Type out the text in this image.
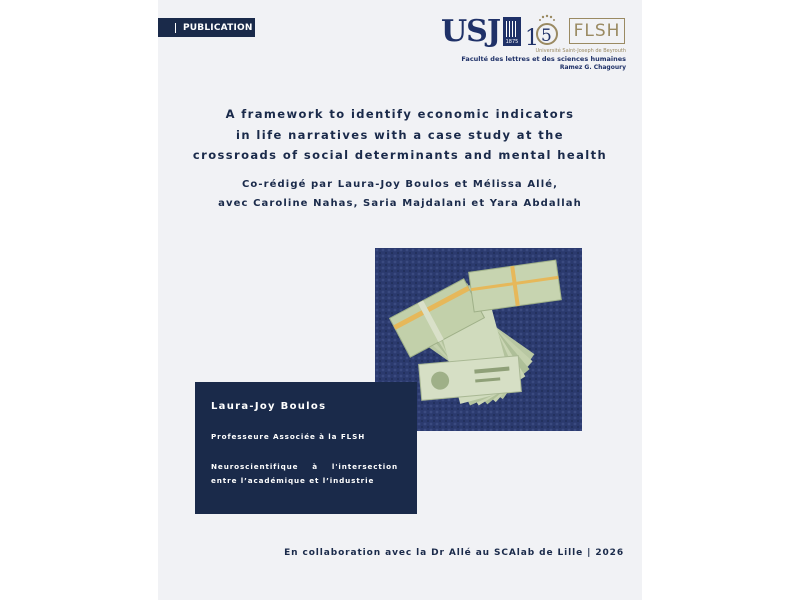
PUBLICATION	USJ 1875 1 5 FLSH
Université Saint-Joseph de Beyrouth
Faculté des lettres et des sciences humaines
Ramez G. Chagoury
A framework to identify economic indicators
in life narratives with a case study at the
crossroads of social determinants and mental health
Co-rédigé par Laura-Joy Boulos et Mélissa Allé,
avec Caroline Nahas, Saria Majdalani et Yara Abdallah
Laura-Joy Boulos
Professeure Associée à la FLSH
Neuroscientifique à l'intersection
entre l’académique et l’industrie
En collaboration avec la Dr Allé au SCAlab de Lille | 2026
